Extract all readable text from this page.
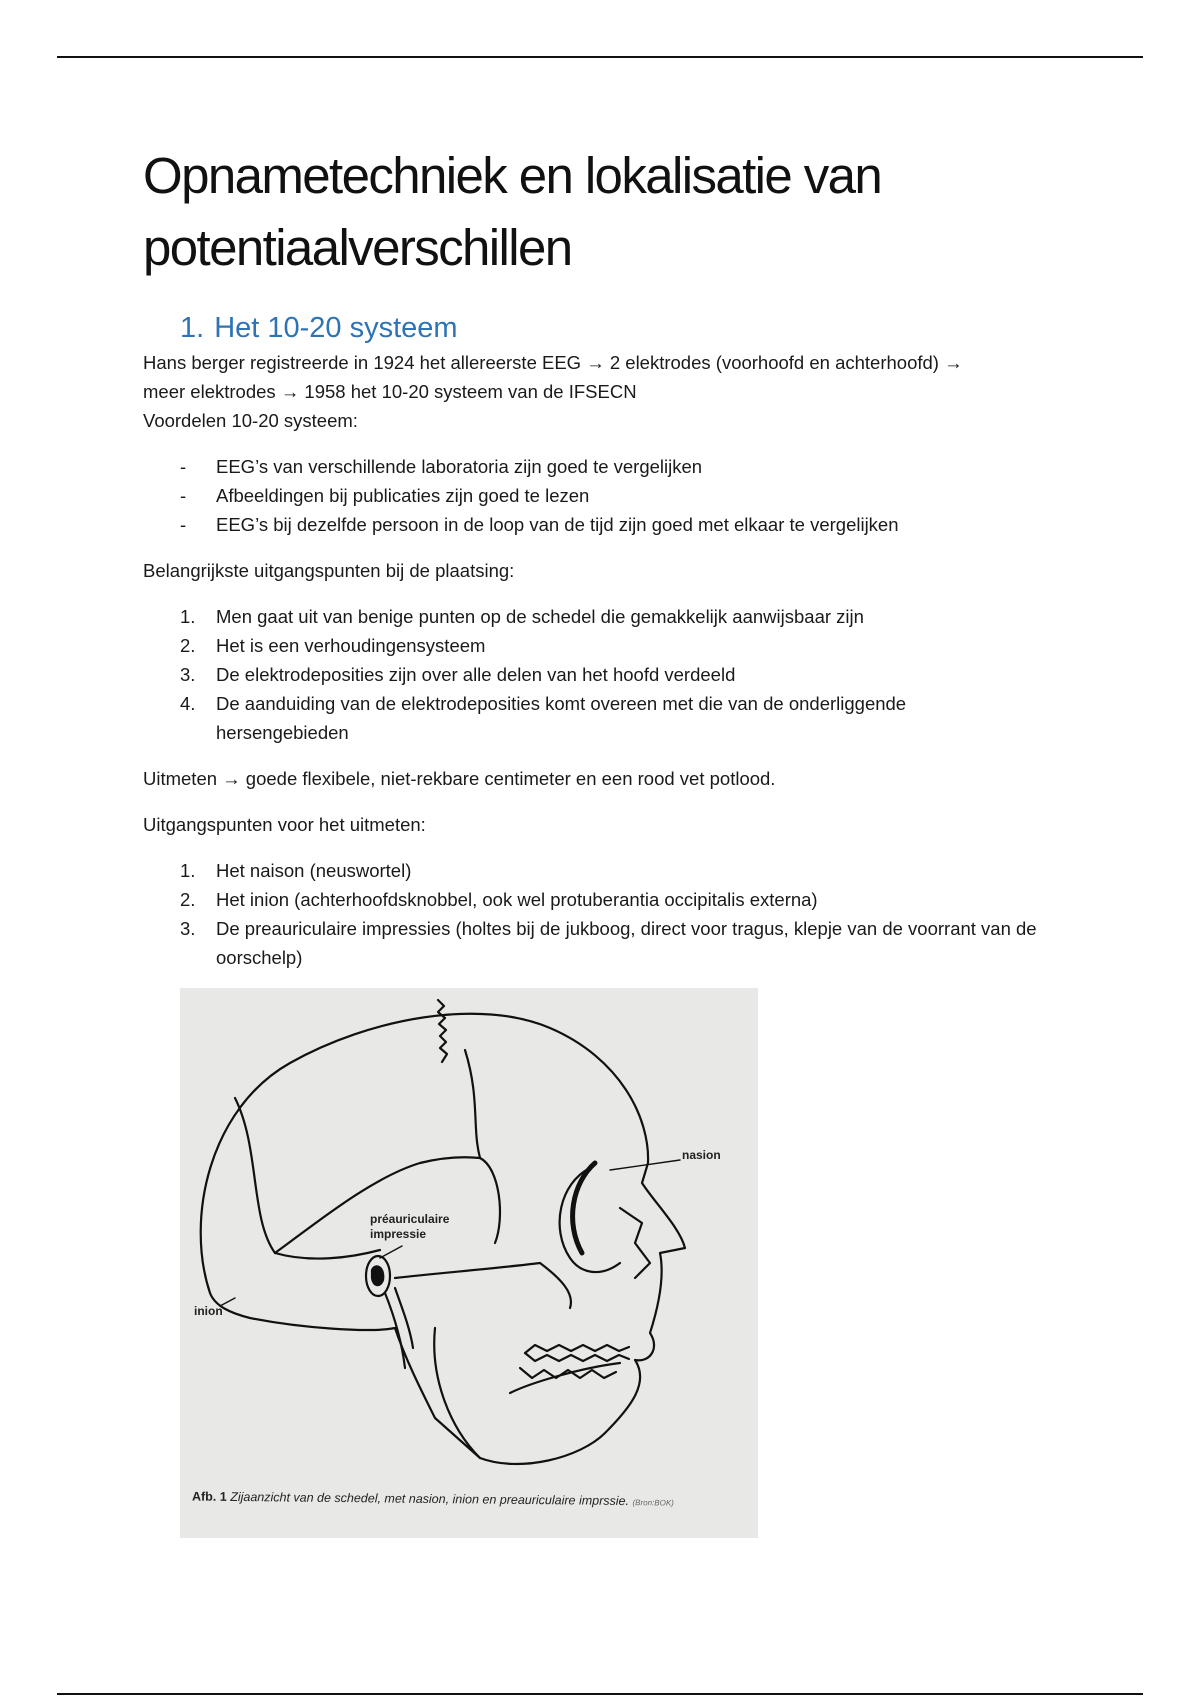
Opnametechniek en lokalisatie van potentiaalverschillen
1. Het 10-20 systeem

Hans berger registreerde in 1924 het allereerste EEG → 2 elektrodes (voorhoofd en achterhoofd) →

meer elektrodes → 1958 het 10-20 systeem van de IFSECN

Voordelen 10-20 systeem:

- EEG’s van verschillende laboratoria zijn goed te vergelijken
- Afbeeldingen bij publicaties zijn goed te lezen
- EEG’s bij dezelfde persoon in de loop van de tijd zijn goed met elkaar te vergelijken

Belangrijkste uitgangspunten bij de plaatsing:

1. Men gaat uit van benige punten op de schedel die gemakkelijk aanwijsbaar zijn
2. Het is een verhoudingensysteem
3. De elektrodeposities zijn over alle delen van het hoofd verdeeld
4. De aanduiding van de elektrodeposities komt overeen met die van de onderliggende hersengebieden

Uitmeten → goede flexibele, niet-rekbare centimeter en een rood vet potlood.

Uitgangspunten voor het uitmeten:

1. Het naison (neuswortel)
2. Het inion (achterhoofdsknobbel, ook wel protuberantia occipitalis externa)
3. De preauriculaire impressies (holtes bij de jukboog, direct voor tragus, klepje van de voorrant van de oorschelp)
nasion
préauriculaire
impressie
inion
Afb. 1 Zijaanzicht van de schedel, met nasion, inion en preauriculaire imprssie. (Bron:BOK)
